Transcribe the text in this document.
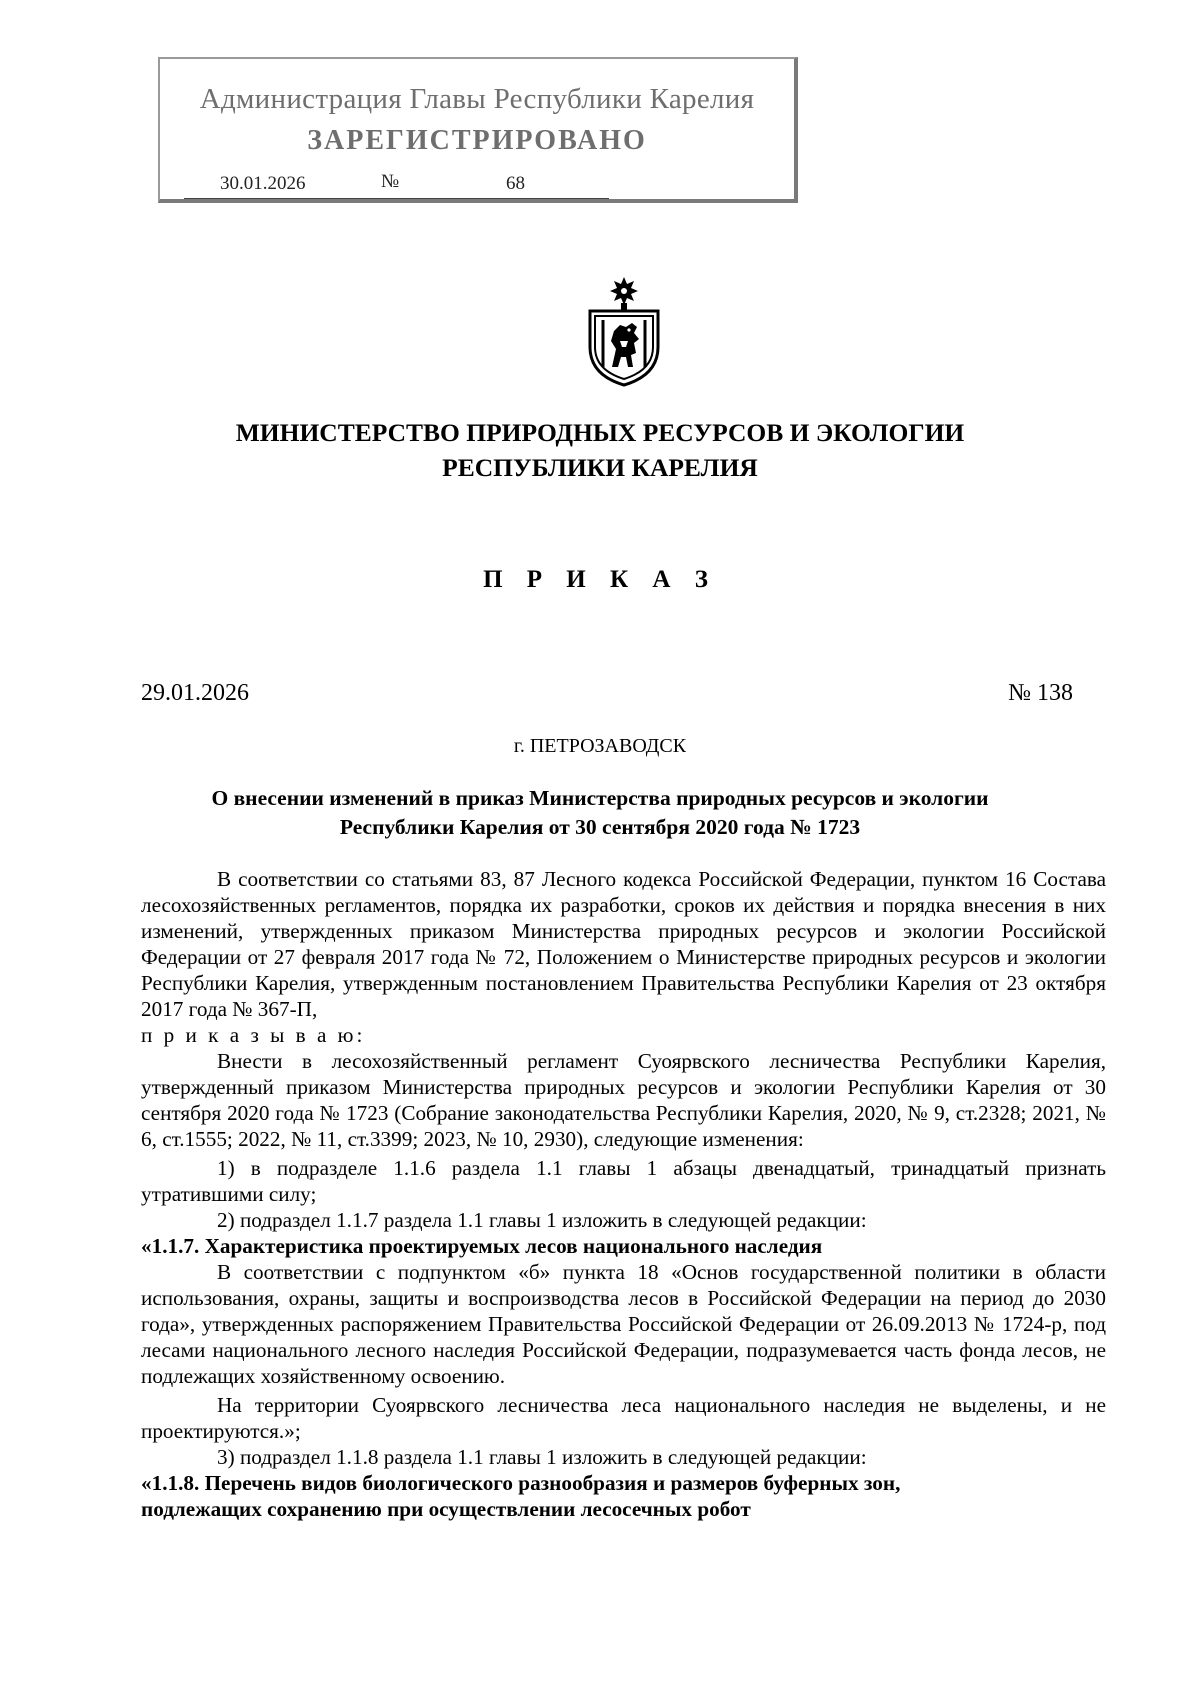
Администрация Главы Республики Карелия
ЗАРЕГИСТРИРОВАНО
30.01.2026	№	68
МИНИСТЕРСТВО ПРИРОДНЫХ РЕСУРСОВ И ЭКОЛОГИИ
РЕСПУБЛИКИ КАРЕЛИЯ
П Р И К А З
29.01.2026	№ 138
г. ПЕТРОЗАВОДСК
О внесении изменений в приказ Министерства природных ресурсов и экологии
Республики Карелия от 30 сентября 2020 года № 1723

В соответствии со статьями 83, 87 Лесного кодекса Российской Федерации, пунктом 16 Состава лесохозяйственных регламентов, порядка их разработки, сроков их действия и порядка внесения в них изменений, утвержденных приказом Министерства природных ресурсов и экологии Российской Федерации от 27 февраля 2017 года № 72, Положением о Министерстве природных ресурсов и экологии Республики Карелия, утвержденным постановлением Правительства Республики Карелия от 23 октября 2017 года № 367-П,

п р и к а з ы в а ю:

Внести в лесохозяйственный регламент Суоярвского лесничества Республики Карелия, утвержденный приказом Министерства природных ресурсов и экологии Республики Карелия от 30 сентября 2020 года № 1723 (Собрание законодательства Республики Карелия, 2020, № 9, ст.2328; 2021, № 6, ст.1555; 2022, № 11, ст.3399; 2023, № 10, 2930), следующие изменения:

1) в подразделе 1.1.6 раздела 1.1 главы 1 абзацы двенадцатый, тринадцатый признать утратившими силу;

2) подраздел 1.1.7 раздела 1.1 главы 1 изложить в следующей редакции:

«1.1.7. Характеристика проектируемых лесов национального наследия

В соответствии с подпунктом «б» пункта 18 «Основ государственной политики в области использования, охраны, защиты и воспроизводства лесов в Российской Федерации на период до 2030 года», утвержденных распоряжением Правительства Российской Федерации от 26.09.2013 № 1724-р, под лесами национального лесного наследия Российской Федерации, подразумевается часть фонда лесов, не подлежащих хозяйственному освоению.

На территории Суоярвского лесничества леса национального наследия не выделены, и не проектируются.»;

3) подраздел 1.1.8 раздела 1.1 главы 1 изложить в следующей редакции:

«1.1.8. Перечень видов биологического разнообразия и размеров буферных зон,

подлежащих сохранению при осуществлении лесосечных робот
